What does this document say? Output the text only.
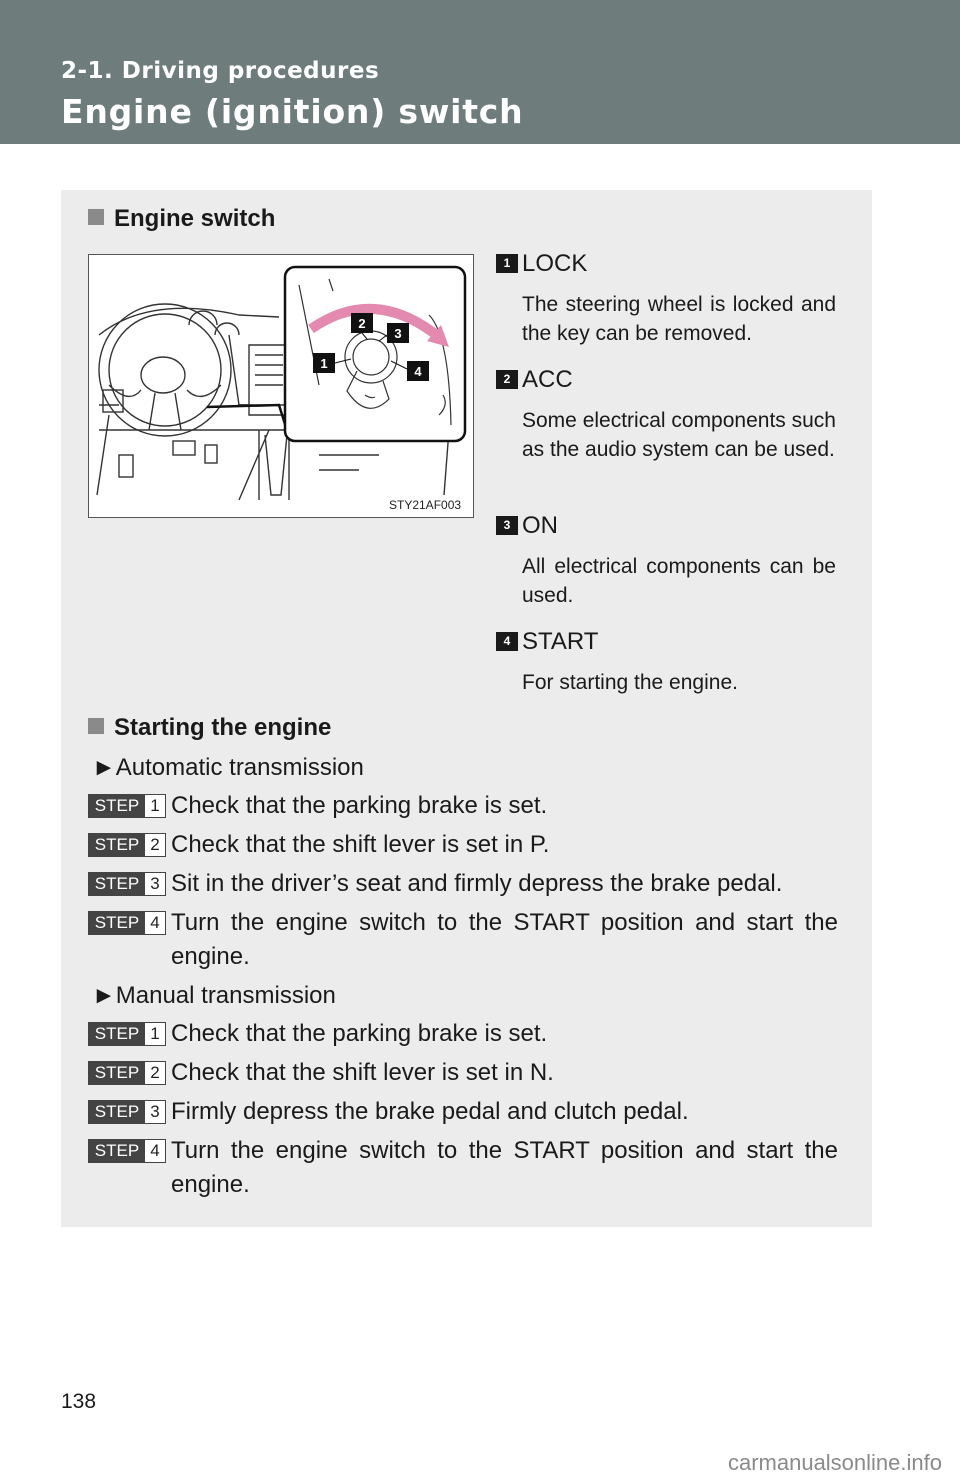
2-1. Driving procedures
Engine (ignition) switch
Engine switch
1
2
3
4
STY21AF003
1 LOCK
The steering wheel is locked and the key can be removed.
2 ACC
Some electrical components such as the audio system can be used.
3 ON
All electrical components can be used.
4 START
For starting the engine.
Starting the engine
►Automatic transmission
STEP 1 Check that the parking brake is set.
STEP 2 Check that the shift lever is set in P.
STEP 3 Sit in the driver’s seat and firmly depress the brake pedal.
STEP 4 Turn the engine switch to the START position and start the engine.
►Manual transmission
STEP 1 Check that the parking brake is set.
STEP 2 Check that the shift lever is set in N.
STEP 3 Firmly depress the brake pedal and clutch pedal.
STEP 4 Turn the engine switch to the START position and start the engine.
138
carmanualsonline.info
